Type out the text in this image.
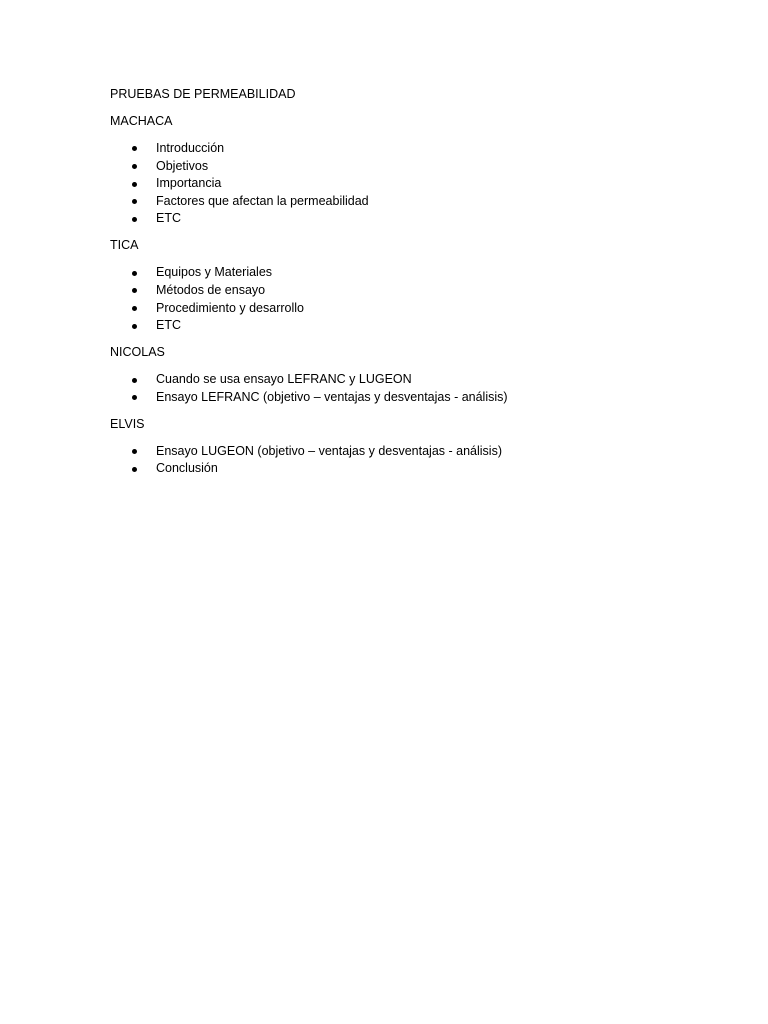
PRUEBAS DE PERMEABILIDAD

MACHACA

Introducción
Objetivos
Importancia
Factores que afectan la permeabilidad
ETC

TICA

Equipos y Materiales
Métodos de ensayo
Procedimiento y desarrollo
ETC

NICOLAS

Cuando se usa ensayo LEFRANC y LUGEON
Ensayo LEFRANC (objetivo – ventajas y desventajas - análisis)

ELVIS

Ensayo LUGEON (objetivo – ventajas y desventajas - análisis)
Conclusión
